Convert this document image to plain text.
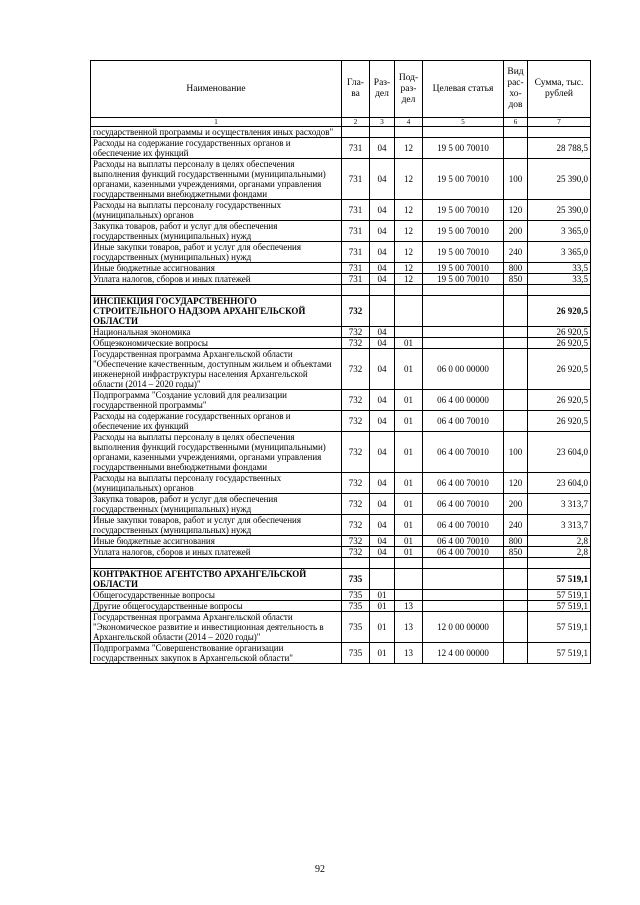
Наименование	Гла-ва	Раз-дел	Под-раз-дел	Целевая статья	Вид рас-хо-дов	Сумма, тыс. рублей
1	2	3	4	5	6	7
государственной программы и осуществления иных расходов"						
Расходы на содержание государственных органов и обеспечение их функций	731	04	12	19 5 00 70010		28 788,5
Расходы на выплаты персоналу в целях обеспечения выполнения функций государственными (муниципальными) органами, казенными учреждениями, органами управления государственными внебюджетными фондами	731	04	12	19 5 00 70010	100	25 390,0
Расходы на выплаты персоналу государственных (муниципальных) органов	731	04	12	19 5 00 70010	120	25 390,0
Закупка товаров, работ и услуг для обеспечения государственных (муниципальных) нужд	731	04	12	19 5 00 70010	200	3 365,0
Иные закупки товаров, работ и услуг для обеспечения государственных (муниципальных) нужд	731	04	12	19 5 00 70010	240	3 365,0
Иные бюджетные ассигнования	731	04	12	19 5 00 70010	800	33,5
Уплата налогов, сборов и иных платежей	731	04	12	19 5 00 70010	850	33,5

ИНСПЕКЦИЯ ГОСУДАРСТВЕННОГО СТРОИТЕЛЬНОГО НАДЗОРА АРХАНГЕЛЬСКОЙ ОБЛАСТИ	732					26 920,5
Национальная экономика	732	04				26 920,5
Общеэкономические вопросы	732	04	01			26 920,5
Государственная программа Архангельской области "Обеспечение качественным, доступным жильем и объектами инженерной инфраструктуры населения Архангельской области (2014 – 2020 годы)"	732	04	01	06 0 00 00000		26 920,5
Подпрограмма "Создание условий для реализации государственной программы"	732	04	01	06 4 00 00000		26 920,5
Расходы на содержание государственных органов и обеспечение их функций	732	04	01	06 4 00 70010		26 920,5
Расходы на выплаты персоналу в целях обеспечения выполнения функций государственными (муниципальными) органами, казенными учреждениями, органами управления государственными внебюджетными фондами	732	04	01	06 4 00 70010	100	23 604,0
Расходы на выплаты персоналу государственных (муниципальных) органов	732	04	01	06 4 00 70010	120	23 604,0
Закупка товаров, работ и услуг для обеспечения государственных (муниципальных) нужд	732	04	01	06 4 00 70010	200	3 313,7
Иные закупки товаров, работ и услуг для обеспечения государственных (муниципальных) нужд	732	04	01	06 4 00 70010	240	3 313,7
Иные бюджетные ассигнования	732	04	01	06 4 00 70010	800	2,8
Уплата налогов, сборов и иных платежей	732	04	01	06 4 00 70010	850	2,8

КОНТРАКТНОЕ АГЕНТСТВО АРХАНГЕЛЬСКОЙ ОБЛАСТИ	735					57 519,1
Общегосударственные вопросы	735	01				57 519,1
Другие общегосударственные вопросы	735	01	13			57 519,1
Государственная программа Архангельской области "Экономическое развитие и инвестиционная деятельность в Архангельской области (2014 – 2020 годы)"	735	01	13	12 0 00 00000		57 519,1
Подпрограмма "Совершенствование организации государственных закупок в Архангельской области"	735	01	13	12 4 00 00000		57 519,1
92
